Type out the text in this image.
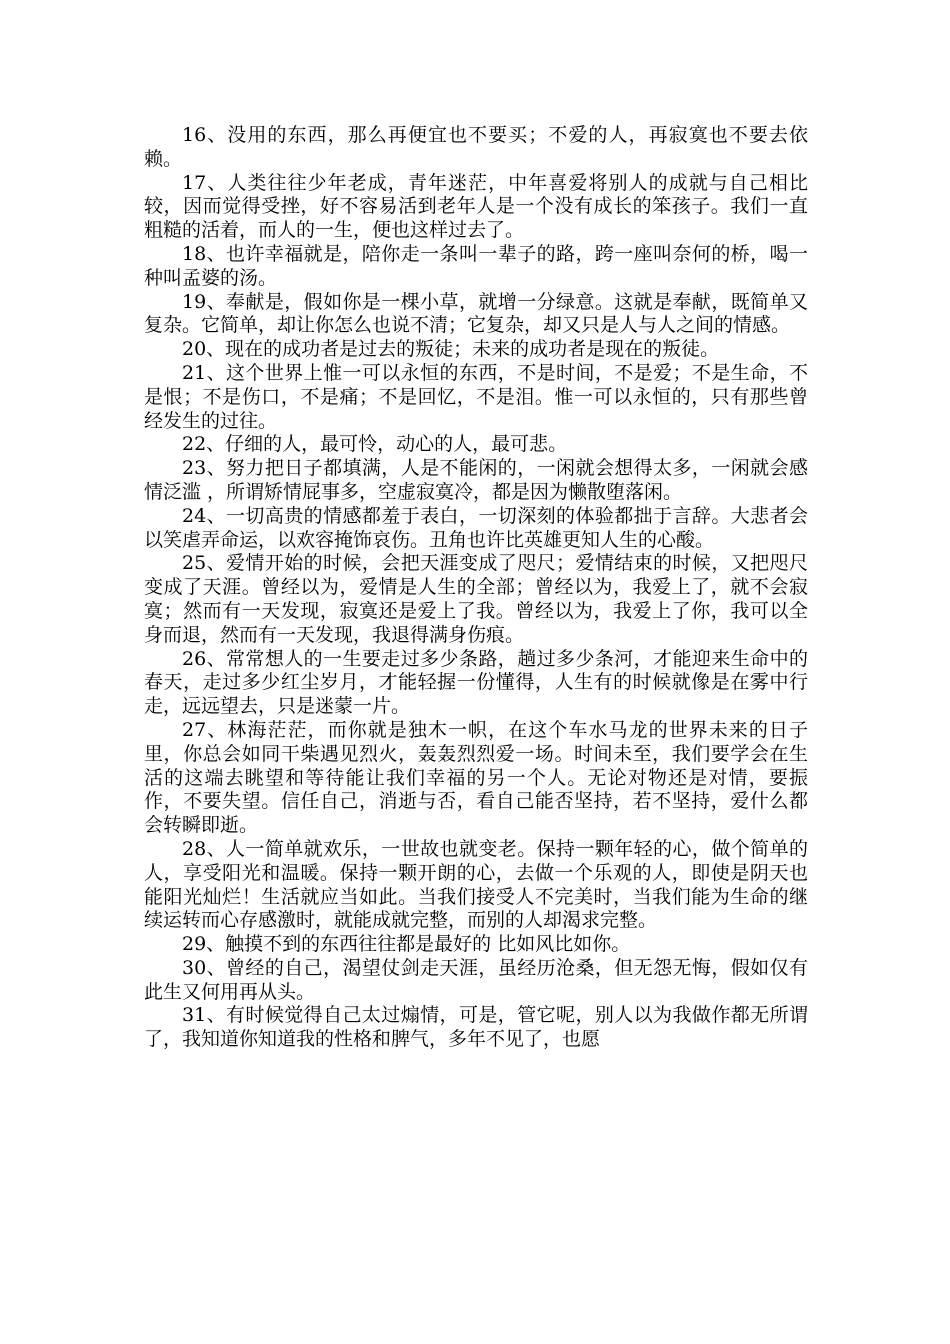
16、没用的东西，那么再便宜也不要买；不爱的人，再寂寞也不要去依赖。

17、人类往往少年老成，青年迷茫，中年喜爱将别人的成就与自己相比较，因而觉得受挫，好不容易活到老年人是一个没有成长的笨孩子。我们一直粗糙的活着，而人的一生，便也这样过去了。

18、也许幸福就是，陪你走一条叫一辈子的路，跨一座叫奈何的桥，喝一种叫孟婆的汤。

19、奉献是，假如你是一棵小草，就增一分绿意。这就是奉献，既简单又复杂。它简单，却让你怎么也说不清；它复杂，却又只是人与人之间的情感。

20、现在的成功者是过去的叛徒；未来的成功者是现在的叛徒。

21、这个世界上惟一可以永恒的东西，不是时间，不是爱；不是生命，不是恨；不是伤口，不是痛；不是回忆，不是泪。惟一可以永恒的，只有那些曾经发生的过往。

22、仔细的人，最可怜，动心的人，最可悲。

23、努力把日子都填满，人是不能闲的，一闲就会想得太多，一闲就会感情泛滥 ，所谓矫情屁事多，空虚寂寞冷，都是因为懒散堕落闲。

24、一切高贵的情感都羞于表白，一切深刻的体验都拙于言辞。大悲者会以笑虐弄命运，以欢容掩饰哀伤。丑角也许比英雄更知人生的心酸。

25、爱情开始的时候，会把天涯变成了咫尺；爱情结束的时候，又把咫尺变成了天涯。曾经以为，爱情是人生的全部；曾经以为，我爱上了，就不会寂寞；然而有一天发现，寂寞还是爱上了我。曾经以为，我爱上了你，我可以全身而退，然而有一天发现，我退得满身伤痕。

26、常常想人的一生要走过多少条路，趟过多少条河，才能迎来生命中的春天，走过多少红尘岁月，才能轻握一份懂得，人生有的时候就像是在雾中行走，远远望去，只是迷蒙一片。

27、林海茫茫，而你就是独木一帜，在这个车水马龙的世界未来的日子里，你总会如同干柴遇见烈火，轰轰烈烈爱一场。时间未至，我们要学会在生活的这端去眺望和等待能让我们幸福的另一个人。无论对物还是对情，要振作，不要失望。信任自己，消逝与否，看自己能否坚持，若不坚持，爱什么都会转瞬即逝。

28、人一简单就欢乐，一世故也就变老。保持一颗年轻的心，做个简单的人，享受阳光和温暖。保持一颗开朗的心，去做一个乐观的人，即使是阴天也能阳光灿烂！生活就应当如此。当我们接受人不完美时，当我们能为生命的继续运转而心存感激时，就能成就完整，而别的人却渴求完整。

29、触摸不到的东西往往都是最好的 比如风比如你。

30、曾经的自己，渴望仗剑走天涯，虽经历沧桑，但无怨无悔，假如仅有此生又何用再从头。

31、有时候觉得自己太过煽情，可是，管它呢，别人以为我做作都无所谓了，我知道你知道我的性格和脾气，多年不见了，也愿
